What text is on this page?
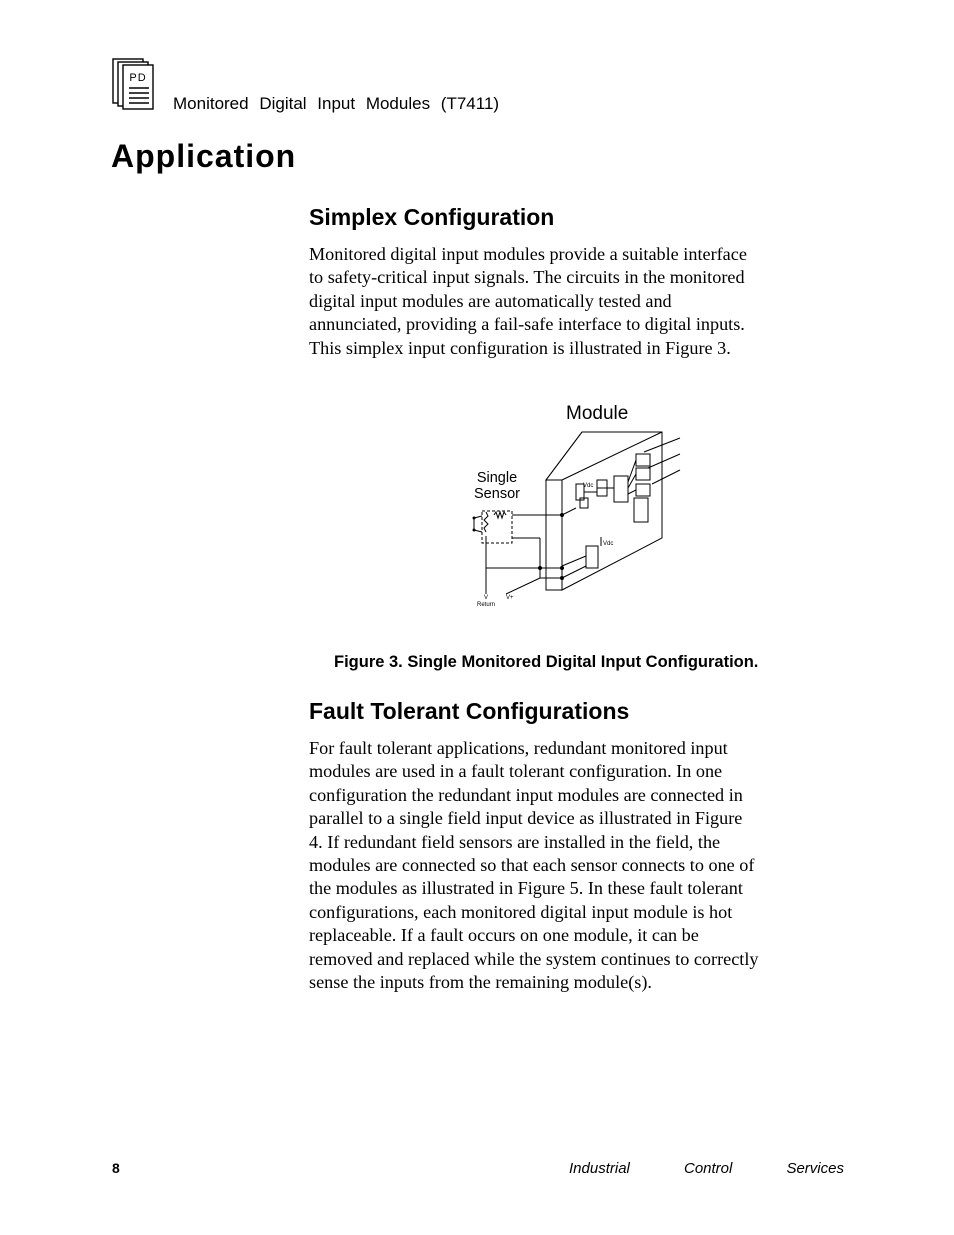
PD
Monitored Digital Input Modules (T7411)
Application
Simplex Configuration

Monitored digital input modules provide a suitable interface
to safety-critical input signals. The circuits in the monitored
digital input modules are automatically tested and
annunciated, providing a fail-safe interface to digital inputs.
This simplex input configuration is illustrated in Figure 3.

Module
Single
Sensor	Vdc
Vdc
V
Return
V+
Figure 3. Single Monitored Digital Input Configuration.
Fault Tolerant Configurations

For fault tolerant applications, redundant monitored input
modules are used in a fault tolerant configuration. In one
configuration the redundant input modules are connected in
parallel to a single field input device as illustrated in Figure
4. If redundant field sensors are installed in the field, the
modules are connected so that each sensor connects to one of
the modules as illustrated in Figure 5. In these fault tolerant
configurations, each monitored digital input module is hot
replaceable. If a fault occurs on one module, it can be
removed and replaced while the system continues to correctly
sense the inputs from the remaining module(s).

8	Industrial	Control	Services
